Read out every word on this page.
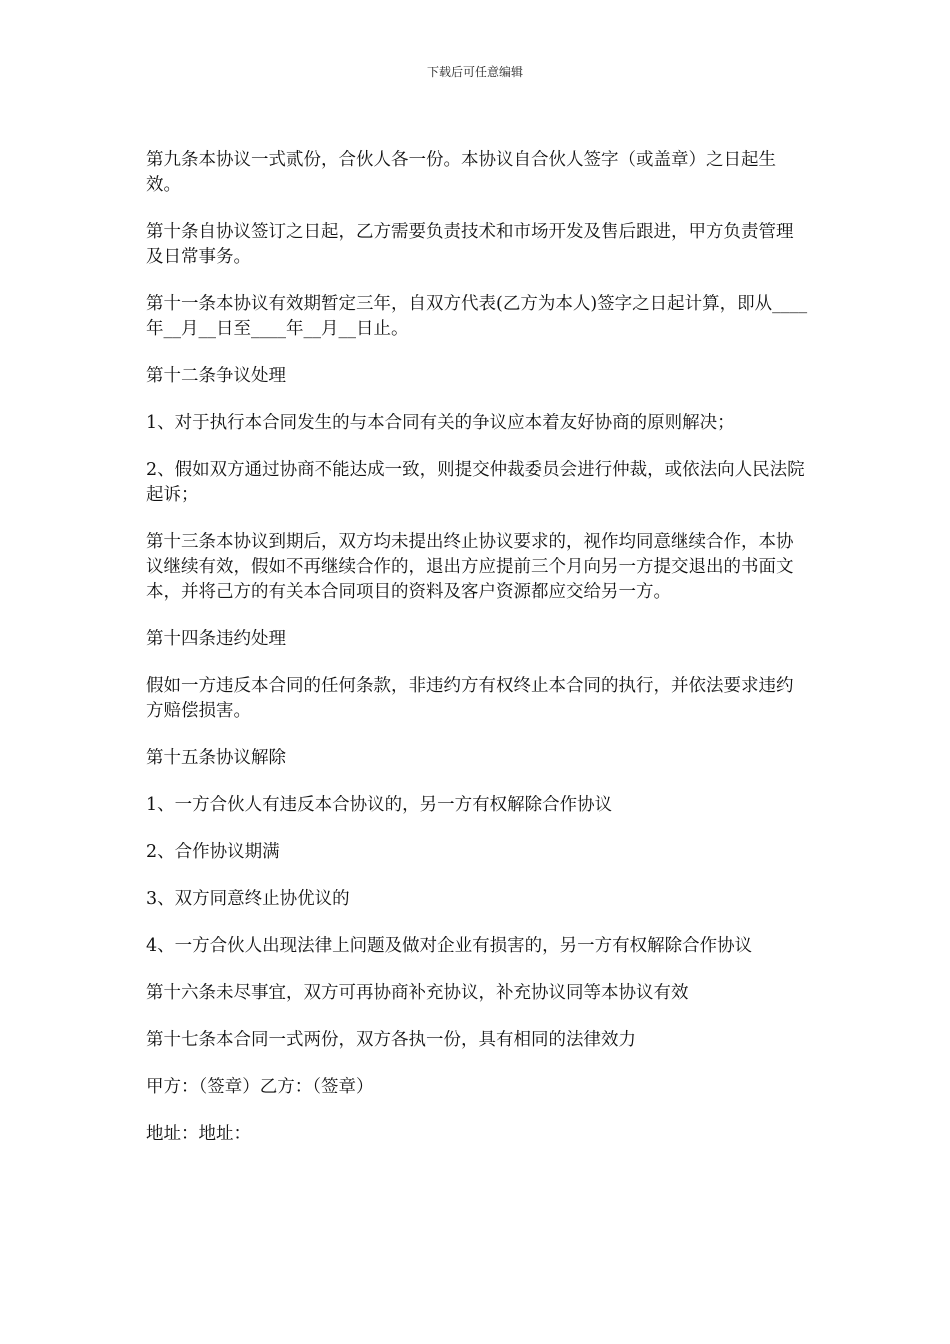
下载后可任意编辑

第九条本协议一式贰份，合伙人各一份。本协议自合伙人签字（或盖章）之日起生效。

第十条自协议签订之日起，乙方需要负责技术和市场开发及售后跟进，甲方负责管理及日常事务。

第十一条本协议有效期暂定三年，自双方代表(乙方为本人)签字之日起计算，即从____年__月__日至____年__月__日止。

第十二条争议处理

1、对于执行本合同发生的与本合同有关的争议应本着友好协商的原则解决；

2、假如双方通过协商不能达成一致，则提交仲裁委员会进行仲裁，或依法向人民法院起诉；

第十三条本协议到期后，双方均未提出终止协议要求的，视作均同意继续合作，本协议继续有效，假如不再继续合作的，退出方应提前三个月向另一方提交退出的书面文本，并将己方的有关本合同项目的资料及客户资源都应交给另一方。

第十四条违约处理

假如一方违反本合同的任何条款，非违约方有权终止本合同的执行，并依法要求违约方赔偿损害。

第十五条协议解除

1、一方合伙人有违反本合协议的，另一方有权解除合作协议

2、合作协议期满

3、双方同意终止协优议的

4、一方合伙人出现法律上问题及做对企业有损害的，另一方有权解除合作协议

第十六条未尽事宜，双方可再协商补充协议，补充协议同等本协议有效

第十七条本合同一式两份，双方各执一份，具有相同的法律效力

甲方：（签章）乙方：（签章）

地址：地址：
